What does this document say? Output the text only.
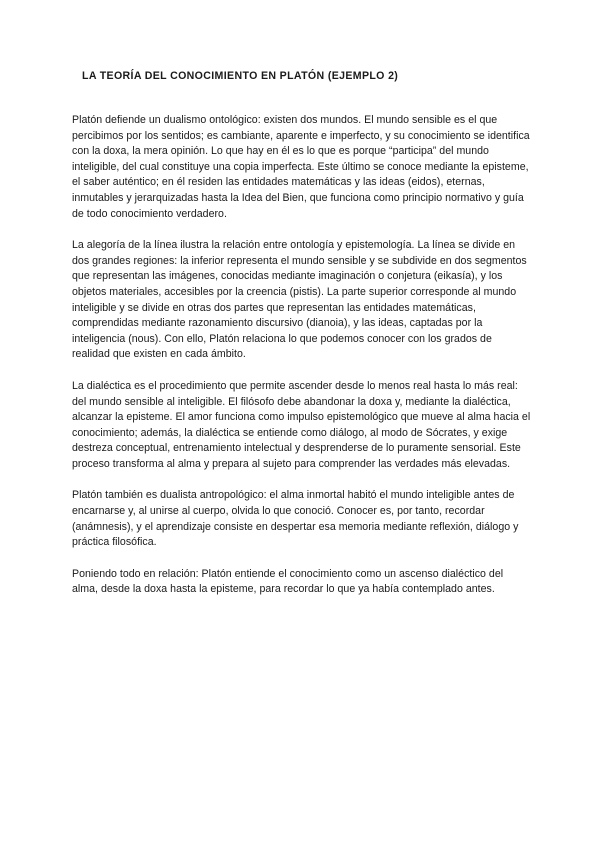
LA TEORÍA DEL CONOCIMIENTO EN PLATÓN (EJEMPLO 2)

Platón defiende un dualismo ontológico: existen dos mundos. El mundo sensible es el que percibimos por los sentidos; es cambiante, aparente e imperfecto, y su conocimiento se identifica con la doxa, la mera opinión. Lo que hay en él es lo que es porque “participa” del mundo inteligible, del cual constituye una copia imperfecta. Este último se conoce mediante la episteme, el saber auténtico; en él residen las entidades matemáticas y las ideas (eidos), eternas, inmutables y jerarquizadas hasta la Idea del Bien, que funciona como principio normativo y guía de todo conocimiento verdadero.

La alegoría de la línea ilustra la relación entre ontología y epistemología. La línea se divide en dos grandes regiones: la inferior representa el mundo sensible y se subdivide en dos segmentos que representan las imágenes, conocidas mediante imaginación o conjetura (eikasía), y los objetos materiales, accesibles por la creencia (pistis). La parte superior corresponde al mundo inteligible y se divide en otras dos partes que representan las entidades matemáticas, comprendidas mediante razonamiento discursivo (dianoia), y las ideas, captadas por la inteligencia (nous). Con ello, Platón relaciona lo que podemos conocer con los grados de realidad que existen en cada ámbito.

La dialéctica es el procedimiento que permite ascender desde lo menos real hasta lo más real: del mundo sensible al inteligible. El filósofo debe abandonar la doxa y, mediante la dialéctica, alcanzar la episteme. El amor funciona como impulso epistemológico que mueve al alma hacia el conocimiento; además, la dialéctica se entiende como diálogo, al modo de Sócrates, y exige destreza conceptual, entrenamiento intelectual y desprenderse de lo puramente sensorial. Este proceso transforma al alma y prepara al sujeto para comprender las verdades más elevadas.

Platón también es dualista antropológico: el alma inmortal habitó el mundo inteligible antes de encarnarse y, al unirse al cuerpo, olvida lo que conoció. Conocer es, por tanto, recordar (anámnesis), y el aprendizaje consiste en despertar esa memoria mediante reflexión, diálogo y práctica filosófica.

Poniendo todo en relación: Platón entiende el conocimiento como un ascenso dialéctico del alma, desde la doxa hasta la episteme, para recordar lo que ya había contemplado antes.
